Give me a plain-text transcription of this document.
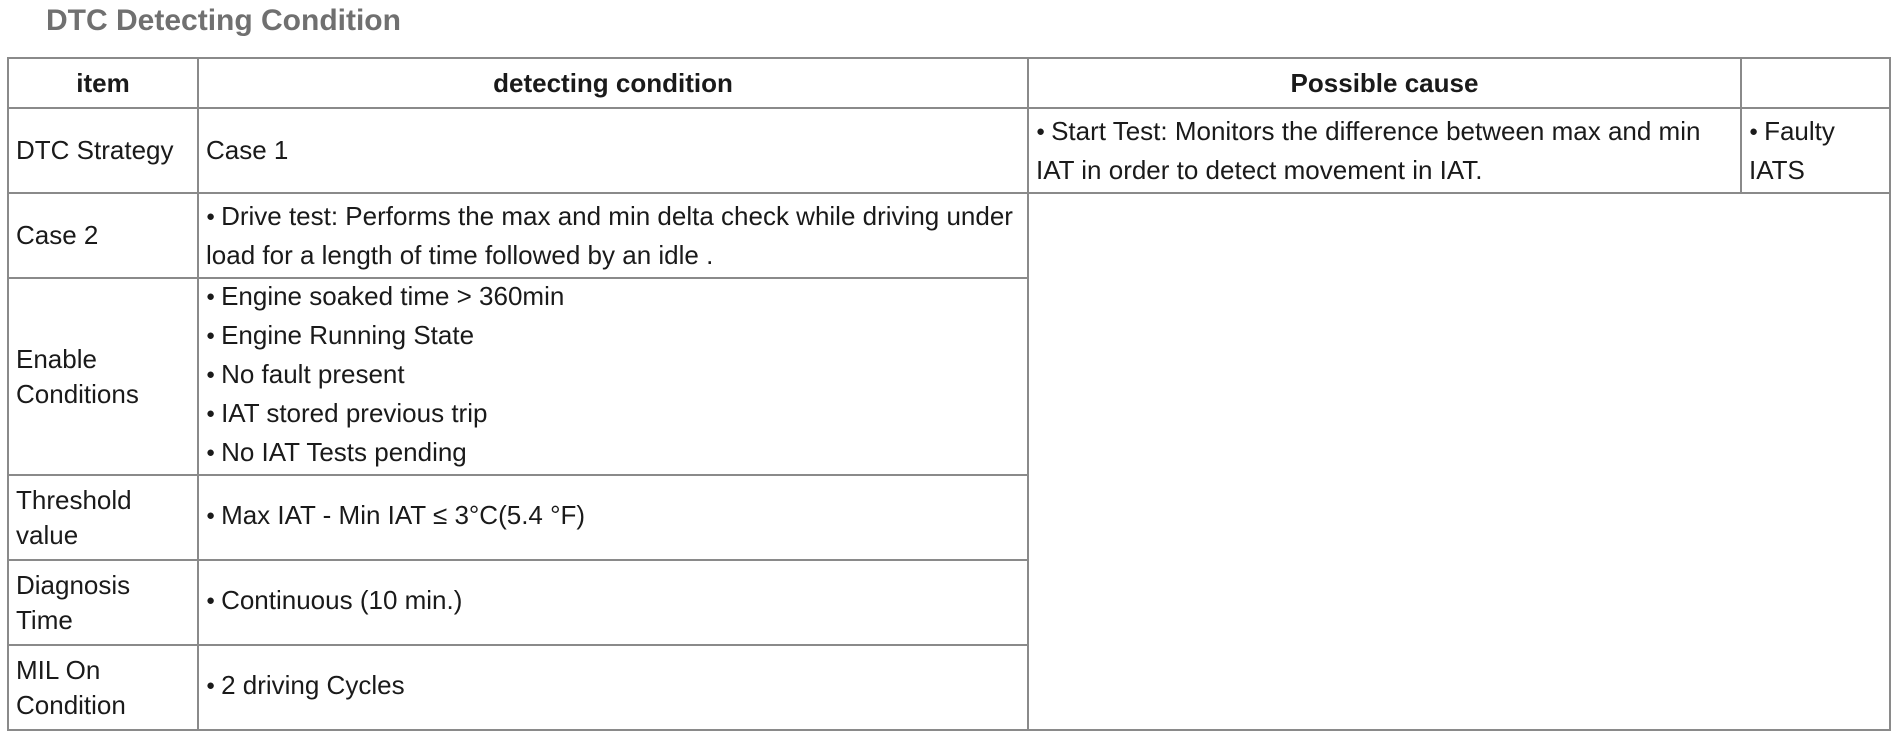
DTC Detecting Condition
item	detecting condition	Possible cause	
DTC Strategy	Case 1	● Start Test: Monitors the difference between max and min IAT in order to detect movement in IAT.	● Faulty IATS

Case 2	● Drive test: Performs the max and min delta check while driving under load for a length of time followed by an idle .

Enable Conditions	● Engine soaked time > 360min
● Engine Running State
● No fault present
● IAT stored previous trip
● No IAT Tests pending

Threshold value	● Max IAT - Min IAT ≤ 3°C(5.4 °F)

Diagnosis Time	● Continuous (10 min.)

MIL On Condition	● 2 driving Cycles
